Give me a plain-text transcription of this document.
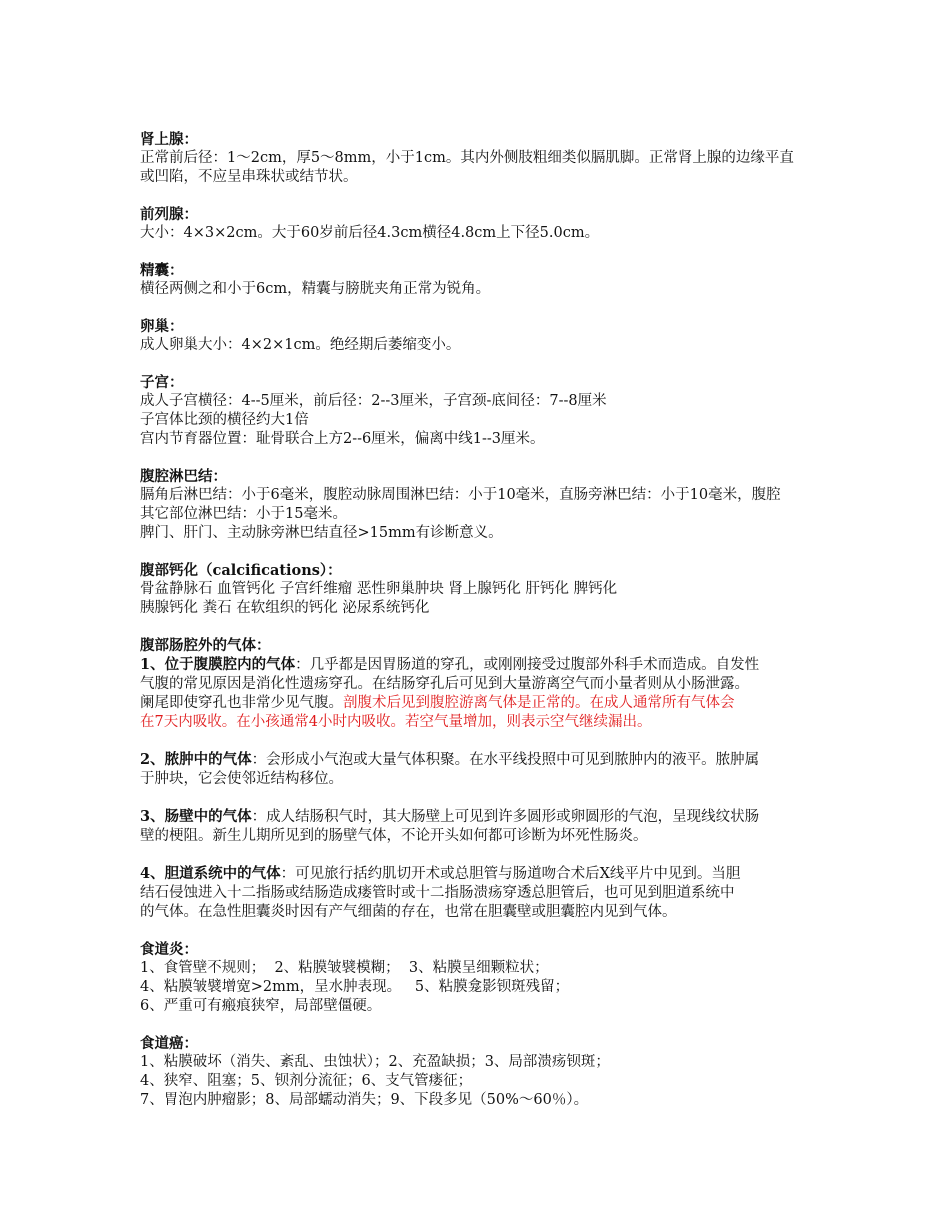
肾上腺：
正常前后径：1～2cm，厚5～8mm，小于1cm。其内外侧肢粗细类似膈肌脚。正常肾上腺的边缘平直
或凹陷，不应呈串珠状或结节状。
前列腺：
大小：4×3×2cm。大于60岁前后径4.3cm横径4.8cm上下径5.0cm。
精囊：
横径两侧之和小于6cm，精囊与膀胱夹角正常为锐角。
卵巢：
成人卵巢大小：4×2×1cm。绝经期后萎缩变小。
子宫：
成人子宫横径：4--5厘米，前后径：2--3厘米，子宫颈-底间径：7--8厘米
子宫体比颈的横径约大1倍
宫内节育器位置：耻骨联合上方2--6厘米，偏离中线1--3厘米。
腹腔淋巴结：
膈角后淋巴结：小于6毫米，腹腔动脉周围淋巴结：小于10毫米，直肠旁淋巴结：小于10毫米，腹腔
其它部位淋巴结：小于15毫米。
脾门、肝门、主动脉旁淋巴结直径>15mm有诊断意义。
腹部钙化（calcifications）：
骨盆静脉石 血管钙化 子宫纤维瘤 恶性卵巢肿块 肾上腺钙化 肝钙化 脾钙化
胰腺钙化 粪石 在软组织的钙化 泌尿系统钙化
腹部肠腔外的气体：
1、位于腹膜腔内的气体：几乎都是因胃肠道的穿孔，或刚刚接受过腹部外科手术而造成。自发性
气腹的常见原因是消化性遗疡穿孔。在结肠穿孔后可见到大量游离空气而小量者则从小肠泄露。
阑尾即使穿孔也非常少见气腹。剖腹术后见到腹腔游离气体是正常的。在成人通常所有气体会
在7天内吸收。在小孩通常4小时内吸收。若空气量增加，则表示空气继续漏出。
2、脓肿中的气体：会形成小气泡或大量气体积聚。在水平线投照中可见到脓肿内的液平。脓肿属
于肿块，它会使邻近结构移位。
3、肠壁中的气体：成人结肠积气时，其大肠壁上可见到许多圆形或卵圆形的气泡，呈现线纹状肠
壁的梗阻。新生儿期所见到的肠壁气体，不论开头如何都可诊断为坏死性肠炎。
4、胆道系统中的气体：可见旅行括约肌切开术或总胆管与肠道吻合术后X线平片中见到。当胆
结石侵蚀进入十二指肠或结肠造成瘘管时或十二指肠溃疡穿透总胆管后，也可见到胆道系统中
的气体。在急性胆囊炎时因有产气细菌的存在，也常在胆囊壁或胆囊腔内见到气体。
食道炎：
1、食管壁不规则；  2、粘膜皱襞模糊；  3、粘膜呈细颗粒状；
4、粘膜皱襞增宽>2mm，呈水肿表现。   5、粘膜龛影钡斑残留；
6、严重可有瘢痕狭窄，局部壁僵硬。
食道癌：
1、粘膜破坏（消失、紊乱、虫蚀状）；2、充盈缺损；3、局部溃疡钡斑；
4、狭窄、阻塞；5、钡剂分流征；6、支气管瘘征；
7、胃泡内肿瘤影；8、局部蠕动消失；9、下段多见（50%～60％）。
